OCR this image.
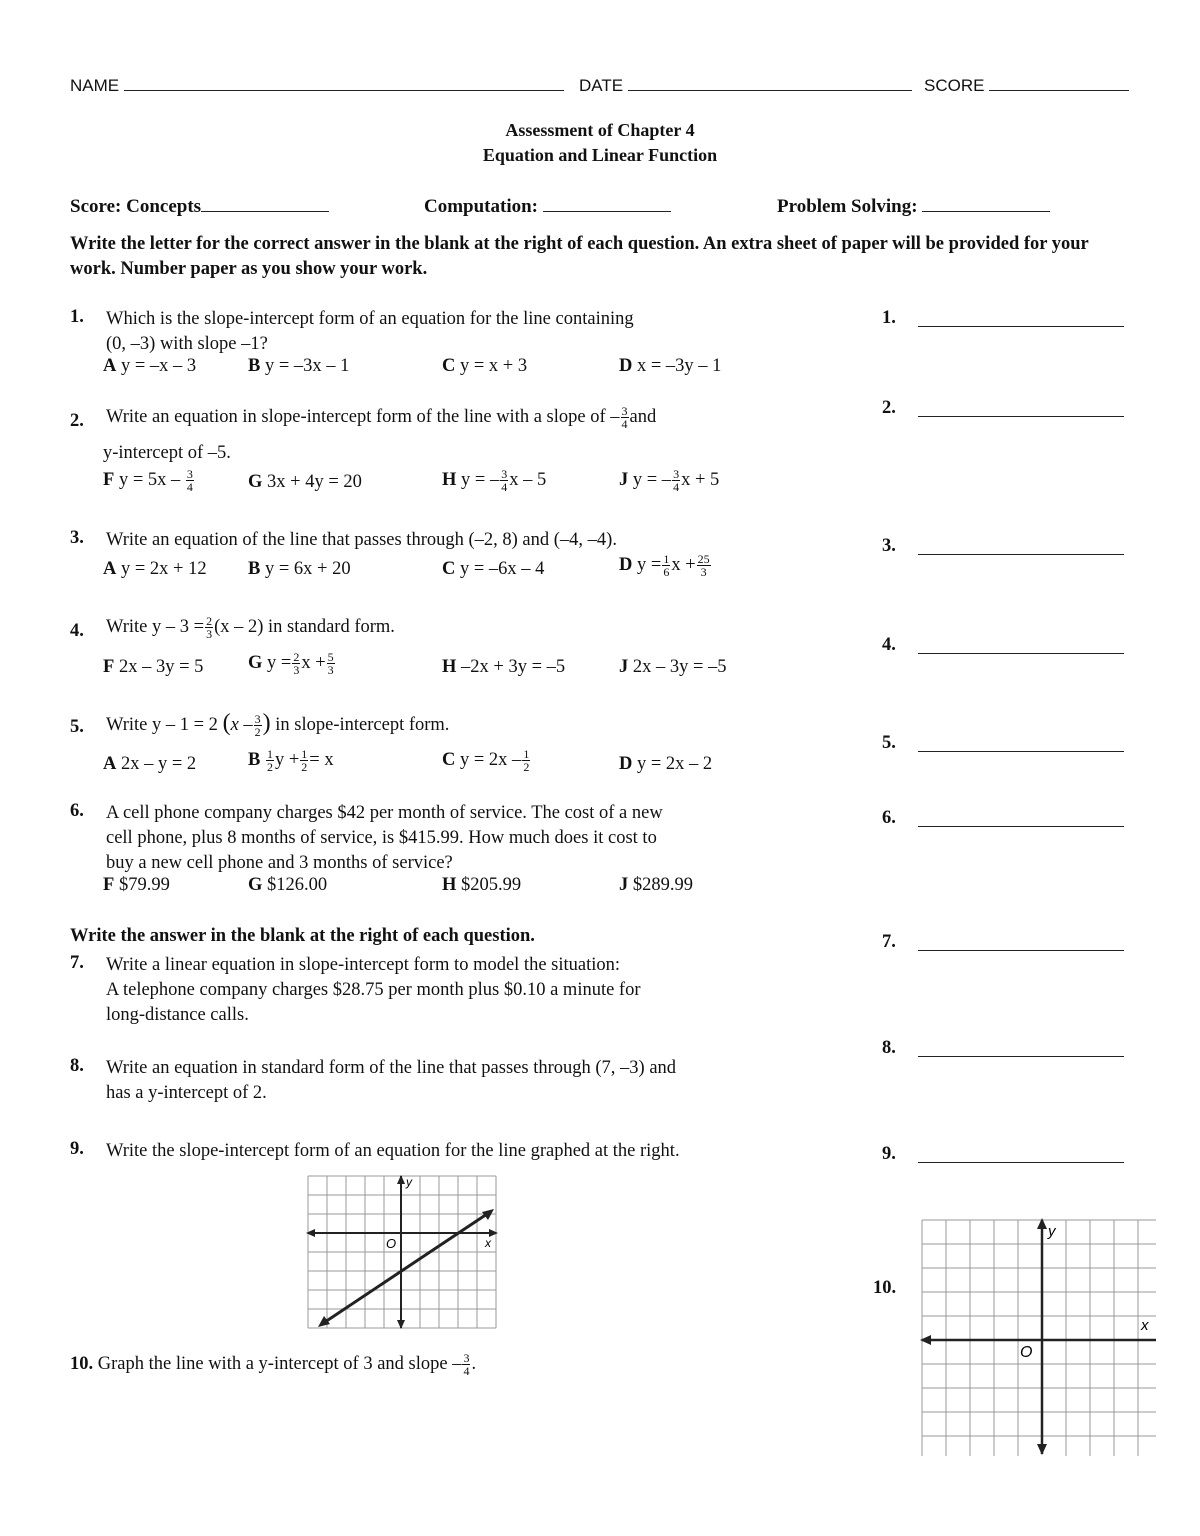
NAME	DATE	SCORE
Assessment of Chapter 4
Equation and Linear Function
Score: Concepts	Computation:	Problem Solving:
Write the letter for the correct answer in the blank at the right of each question. An extra sheet of paper will be provided for your work. Number paper as you show your work.
1. Which is the slope-intercept form of an equation for the line containing
(0, –3) with slope –1?
A y = –x – 3	B y = –3x – 1	C y = x + 3	D x = –3y – 1
2. Write an equation in slope-intercept form of the line with a slope of – $\frac{3}{4}$ and
y-intercept of –5.
F $y = 5x - \frac{3}{4}$	G 3x + 4y = 20	H y = – $\frac{3}{4}$ x – 5	J y = – $\frac{3}{4}$ x + 5
3. Write an equation of the line that passes through (–2, 8) and (–4, –4).
A y = 2x + 12 B y = 6x + 20	C y = –6x – 4	D $y = \frac{1}{6}$ $x + \frac{25}{3}$
4. Write $y - 3 = \frac{2}{3} (x - 2)$ in standard form.
F 2x – 3y = 5 G $y = \frac{2}{3}$ $x + \frac{5}{3}$	H –2x + 3y = –5	J 2x – 3y = –5
5. Write y – 1 = 2 ($x - \frac{3}{2}$ ) in slope-intercept form.
A 2x – y = 2	B $\frac{1}{2}$ $y + \frac{1}{2} = x$	C $y = 2x - \frac{1}{2}$	D y = 2x – 2
6. A cell phone company charges $42 per month of service. The cost of a new
cell phone, plus 8 months of service, is $415.99. How much does it cost to
buy a new cell phone and 3 months of service?
F $79.99	G $126.00	H $205.99	J $289.99
Write the answer in the blank at the right of each question.
7. Write a linear equation in slope-intercept form to model the situation:
A telephone company charges $28.75 per month plus $0.10 a minute for
long-distance calls.
8. Write an equation in standard form of the line that passes through (7, –3) and
has a y-intercept of 2.
9. Write the slope-intercept form of an equation for the line graphed at the right.
O	x
y
10. Graph the line with a y-intercept of 3 and slope – $\frac{3}{4}$ .
O
x
y
1.
2.
3.
4.
5.
6.
7.
8.
9.
10.
